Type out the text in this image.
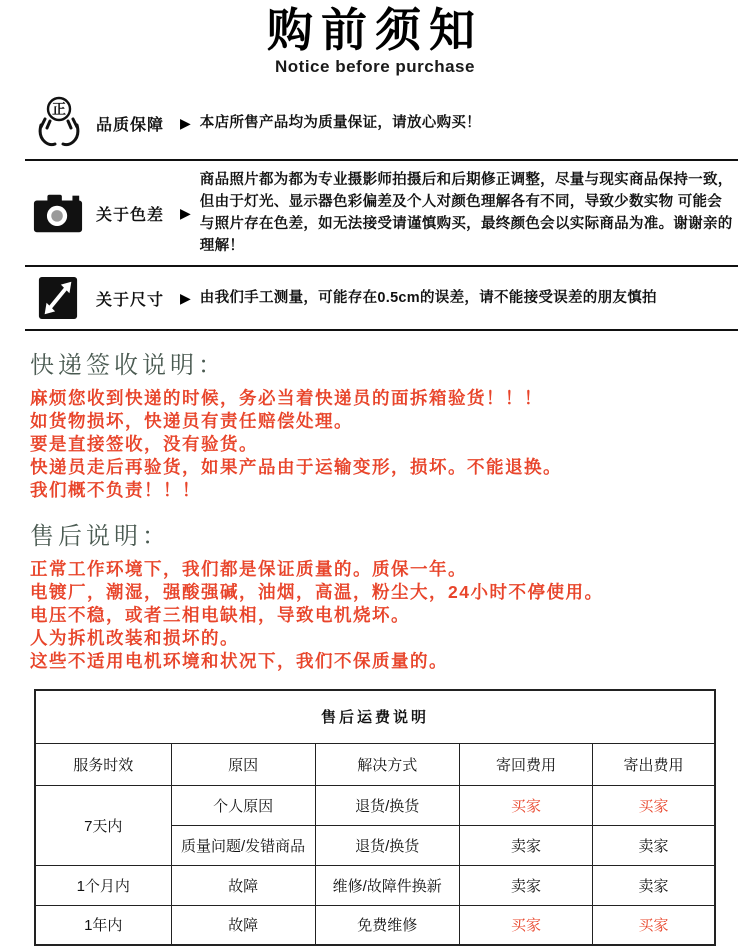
购前须知
Notice before purchase
正
品质保障	▶ 本店所售产品均为质量保证，请放心购买！
关于色差	▶
商品照片都为都为专业摄影师拍摄后和后期修正调整，尽量与现实商品保持一致，但由于灯光、显示器色彩偏差及个人对颜色理解各有不同，导致少数实物 可能会与照片存在色差，如无法接受请谨慎购买，最终颜色会以实际商品为准。谢谢亲的理解！
关于尺寸	▶ 由我们手工测量，可能存在0.5cm的误差，请不能接受误差的朋友慎拍
快递签收说明：
麻烦您收到快递的时候，务必当着快递员的面拆箱验货！！！
如货物损坏，快递员有责任赔偿处理。
要是直接签收，没有验货。
快递员走后再验货，如果产品由于运输变形，损坏。不能退换。
我们概不负责！！！
售后说明：
正常工作环境下，我们都是保证质量的。质保一年。
电镀厂，潮湿，强酸强碱，油烟，高温，粉尘大，24小时不停使用。
电压不稳，或者三相电缺相，导致电机烧坏。
人为拆机改装和损坏的。
这些不适用电机环境和状况下，我们不保质量的。
售后运费说明				
服务时效	原因	解决方式	寄回费用	寄出费用
7天内	个人原因	退货/换货	买家	买家
	质量问题/发错商品	退货/换货	卖家	卖家
1个月内	故障	维修/故障件换新	卖家	卖家
1年内	故障	免费维修	买家	买家
